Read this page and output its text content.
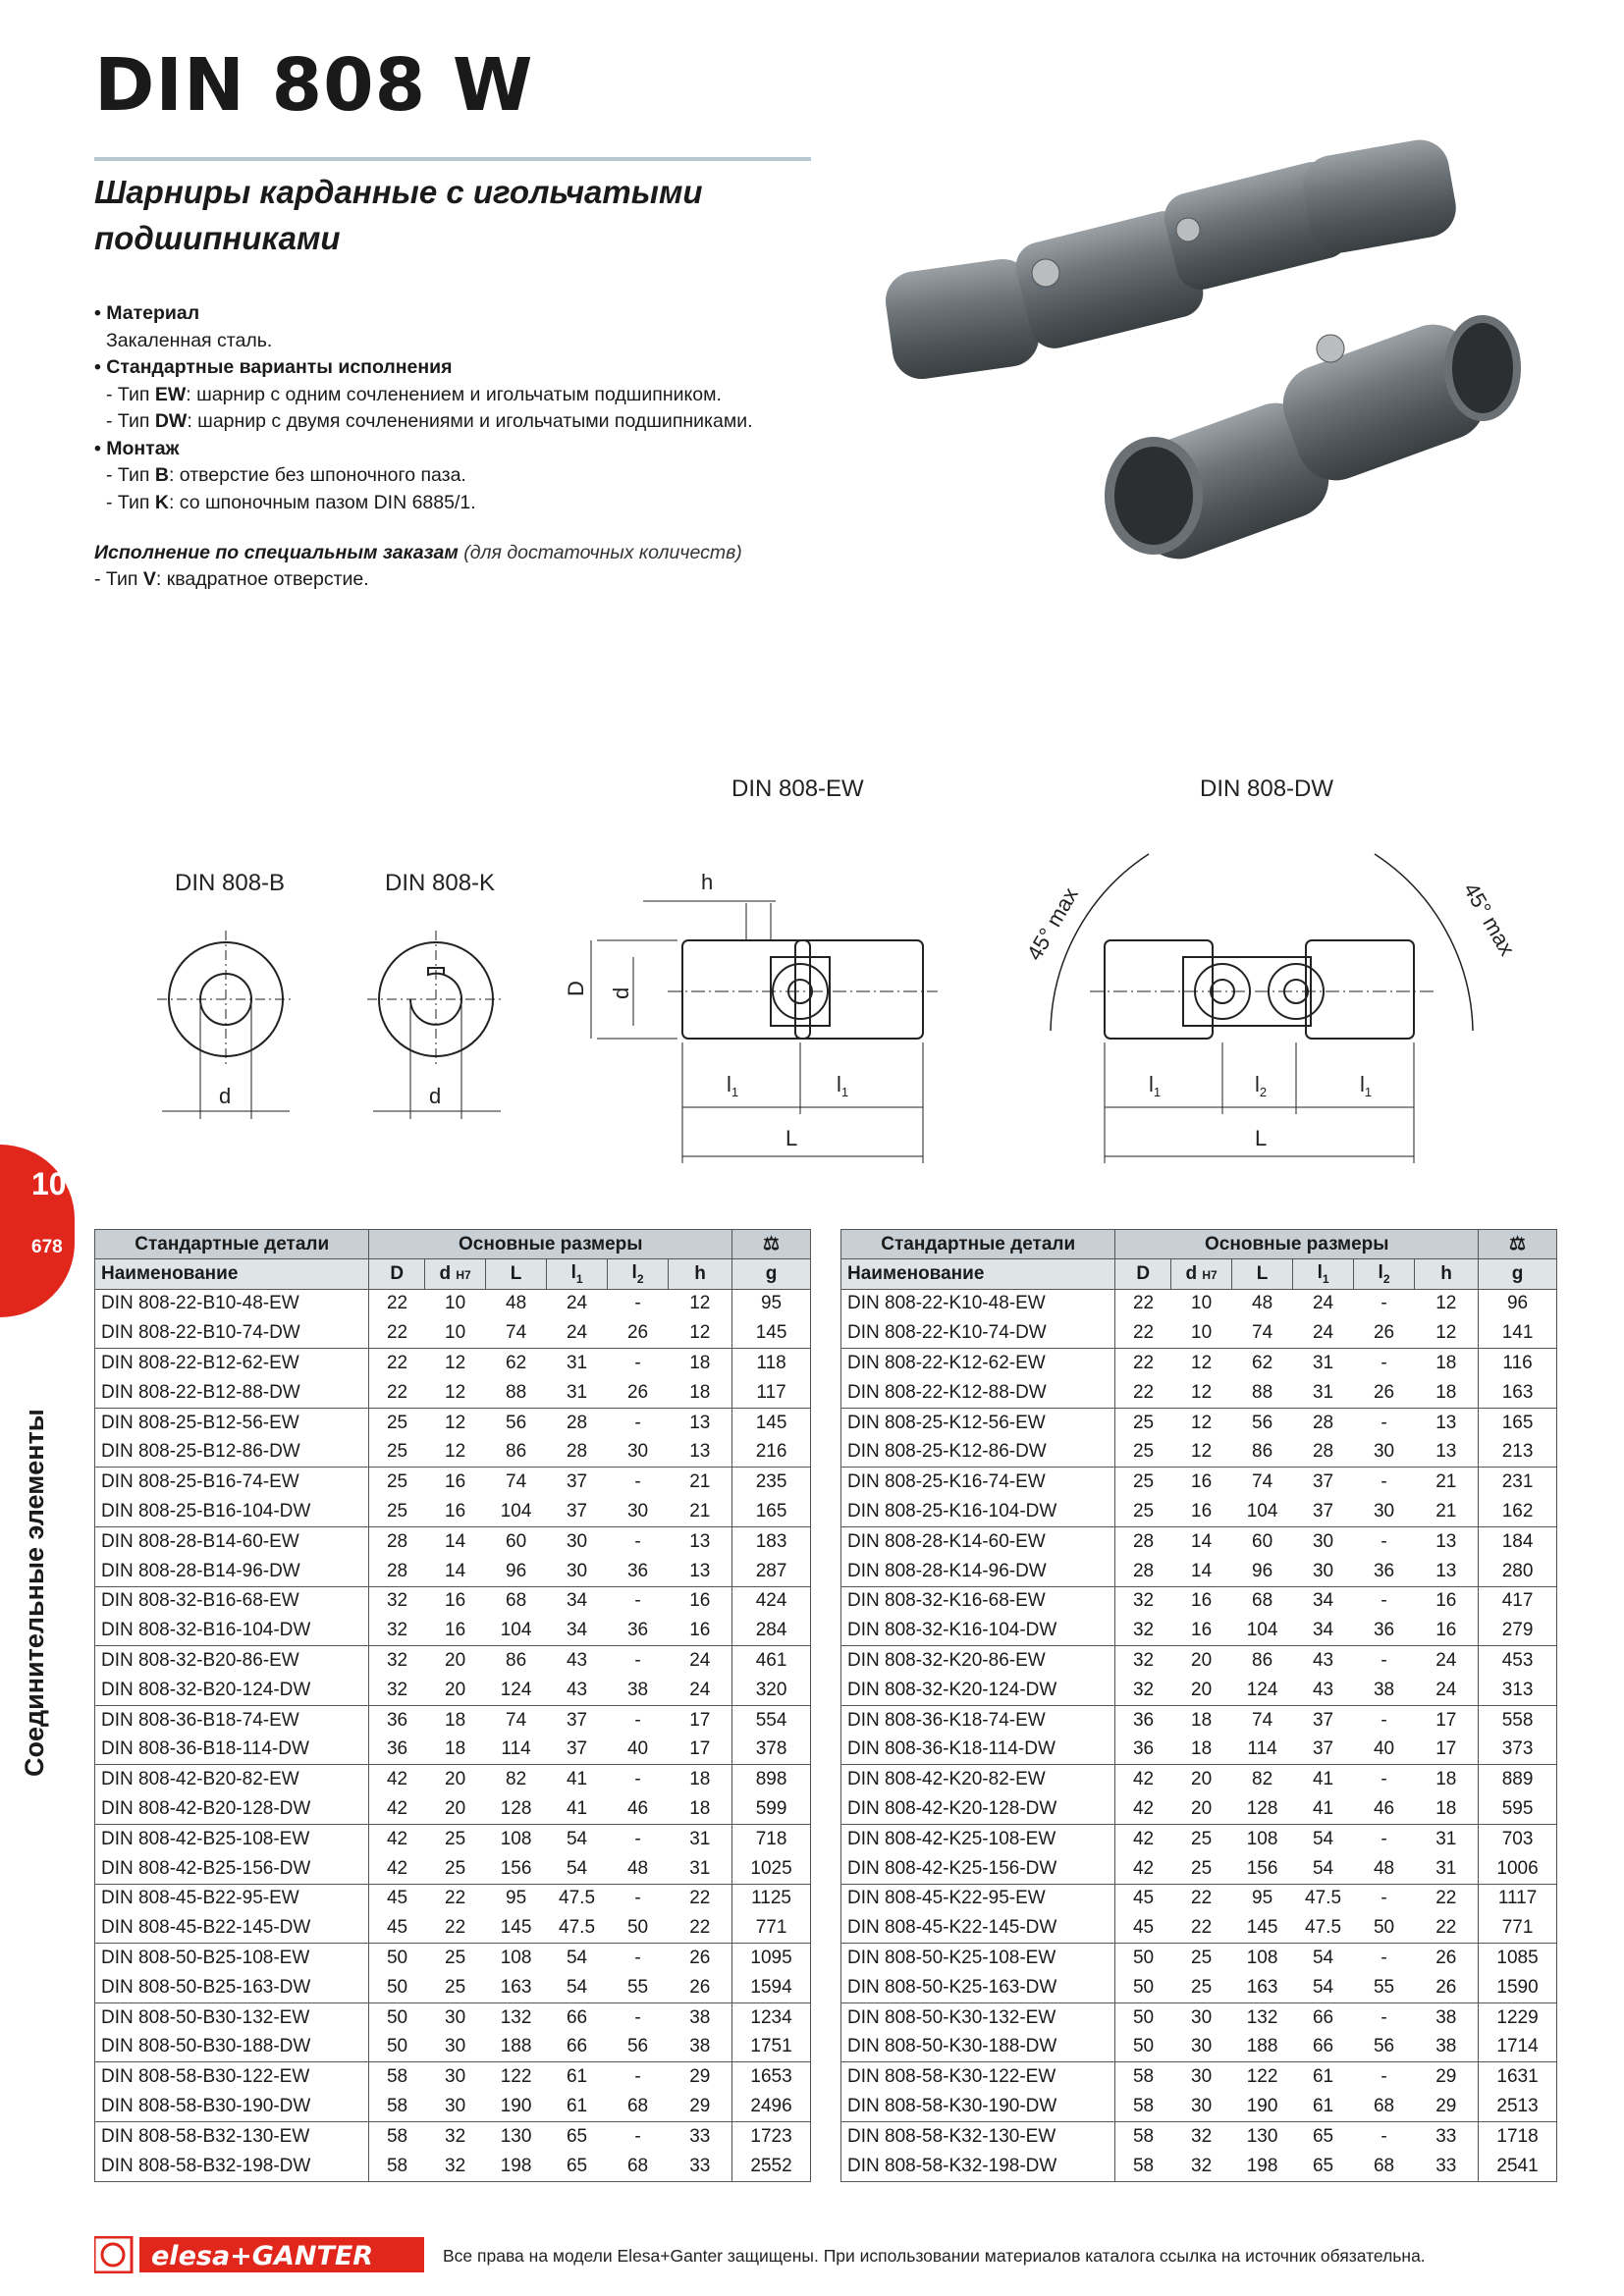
DIN 808 W
Шарниры карданные с игольчатыми подшипниками
• Материал
Закаленная сталь.
• Стандартные варианты исполнения
- Тип EW: шарнир с одним сочленением и игольчатым подшипником.
- Тип DW: шарнир с двумя сочленениями и игольчатыми подшипниками.
• Монтаж
- Тип B: отверстие без шпоночного паза.
- Тип K: со шпоночным пазом DIN 6885/1.
Исполнение по специальным заказам (для достаточных количеств)
- Тип V: квадратное отверстие.
DIN 808-EW	DIN 808-DW
DIN 808-B	DIN 808-K
d	d
D d
h
$l_1$	$l_1$
L
$l_1$	$l_2$	$l_1$
L
45° max	45° max
10
678
Соединительные элементы
Стандартные детали	Основные размеры						⚖
Наименование	D	d H7	L	$l_1$	$l_2$	h	g
DIN 808-22-B10-48-EW	22	10	48	24	-	12	95
DIN 808-22-B10-74-DW	22	10	74	24	26	12	145
DIN 808-22-B12-62-EW	22	12	62	31	-	18	118
DIN 808-22-B12-88-DW	22	12	88	31	26	18	117
DIN 808-25-B12-56-EW	25	12	56	28	-	13	145
DIN 808-25-B12-86-DW	25	12	86	28	30	13	216
DIN 808-25-B16-74-EW	25	16	74	37	-	21	235
DIN 808-25-B16-104-DW	25	16	104	37	30	21	165
DIN 808-28-B14-60-EW	28	14	60	30	-	13	183
DIN 808-28-B14-96-DW	28	14	96	30	36	13	287
DIN 808-32-B16-68-EW	32	16	68	34	-	16	424
DIN 808-32-B16-104-DW	32	16	104	34	36	16	284
DIN 808-32-B20-86-EW	32	20	86	43	-	24	461
DIN 808-32-B20-124-DW	32	20	124	43	38	24	320
DIN 808-36-B18-74-EW	36	18	74	37	-	17	554
DIN 808-36-B18-114-DW	36	18	114	37	40	17	378
DIN 808-42-B20-82-EW	42	20	82	41	-	18	898
DIN 808-42-B20-128-DW	42	20	128	41	46	18	599
DIN 808-42-B25-108-EW	42	25	108	54	-	31	718
DIN 808-42-B25-156-DW	42	25	156	54	48	31	1025
DIN 808-45-B22-95-EW	45	22	95	47.5	-	22	1125
DIN 808-45-B22-145-DW	45	22	145	47.5	50	22	771
DIN 808-50-B25-108-EW	50	25	108	54	-	26	1095
DIN 808-50-B25-163-DW	50	25	163	54	55	26	1594
DIN 808-50-B30-132-EW	50	30	132	66	-	38	1234
DIN 808-50-B30-188-DW	50	30	188	66	56	38	1751
DIN 808-58-B30-122-EW	58	30	122	61	-	29	1653
DIN 808-58-B30-190-DW	58	30	190	61	68	29	2496
DIN 808-58-B32-130-EW	58	32	130	65	-	33	1723
DIN 808-58-B32-198-DW	58	32	198	65	68	33	2552
Стандартные детали	Основные размеры						⚖
Наименование	D	d H7	L	$l_1$	$l_2$	h	g
DIN 808-22-K10-48-EW	22	10	48	24	-	12	96
DIN 808-22-K10-74-DW	22	10	74	24	26	12	141
DIN 808-22-K12-62-EW	22	12	62	31	-	18	116
DIN 808-22-K12-88-DW	22	12	88	31	26	18	163
DIN 808-25-K12-56-EW	25	12	56	28	-	13	165
DIN 808-25-K12-86-DW	25	12	86	28	30	13	213
DIN 808-25-K16-74-EW	25	16	74	37	-	21	231
DIN 808-25-K16-104-DW	25	16	104	37	30	21	162
DIN 808-28-K14-60-EW	28	14	60	30	-	13	184
DIN 808-28-K14-96-DW	28	14	96	30	36	13	280
DIN 808-32-K16-68-EW	32	16	68	34	-	16	417
DIN 808-32-K16-104-DW	32	16	104	34	36	16	279
DIN 808-32-K20-86-EW	32	20	86	43	-	24	453
DIN 808-32-K20-124-DW	32	20	124	43	38	24	313
DIN 808-36-K18-74-EW	36	18	74	37	-	17	558
DIN 808-36-K18-114-DW	36	18	114	37	40	17	373
DIN 808-42-K20-82-EW	42	20	82	41	-	18	889
DIN 808-42-K20-128-DW	42	20	128	41	46	18	595
DIN 808-42-K25-108-EW	42	25	108	54	-	31	703
DIN 808-42-K25-156-DW	42	25	156	54	48	31	1006
DIN 808-45-K22-95-EW	45	22	95	47.5	-	22	1117
DIN 808-45-K22-145-DW	45	22	145	47.5	50	22	771
DIN 808-50-K25-108-EW	50	25	108	54	-	26	1085
DIN 808-50-K25-163-DW	50	25	163	54	55	26	1590
DIN 808-50-K30-132-EW	50	30	132	66	-	38	1229
DIN 808-50-K30-188-DW	50	30	188	66	56	38	1714
DIN 808-58-K30-122-EW	58	30	122	61	-	29	1631
DIN 808-58-K30-190-DW	58	30	190	61	68	29	2513
DIN 808-58-K32-130-EW	58	32	130	65	-	33	1718
DIN 808-58-K32-198-DW	58	32	198	65	68	33	2541
elesa+GANTER	Все права на модели Elesa+Ganter защищены. При использовании материалов каталога ссылка на источник обязательна.
